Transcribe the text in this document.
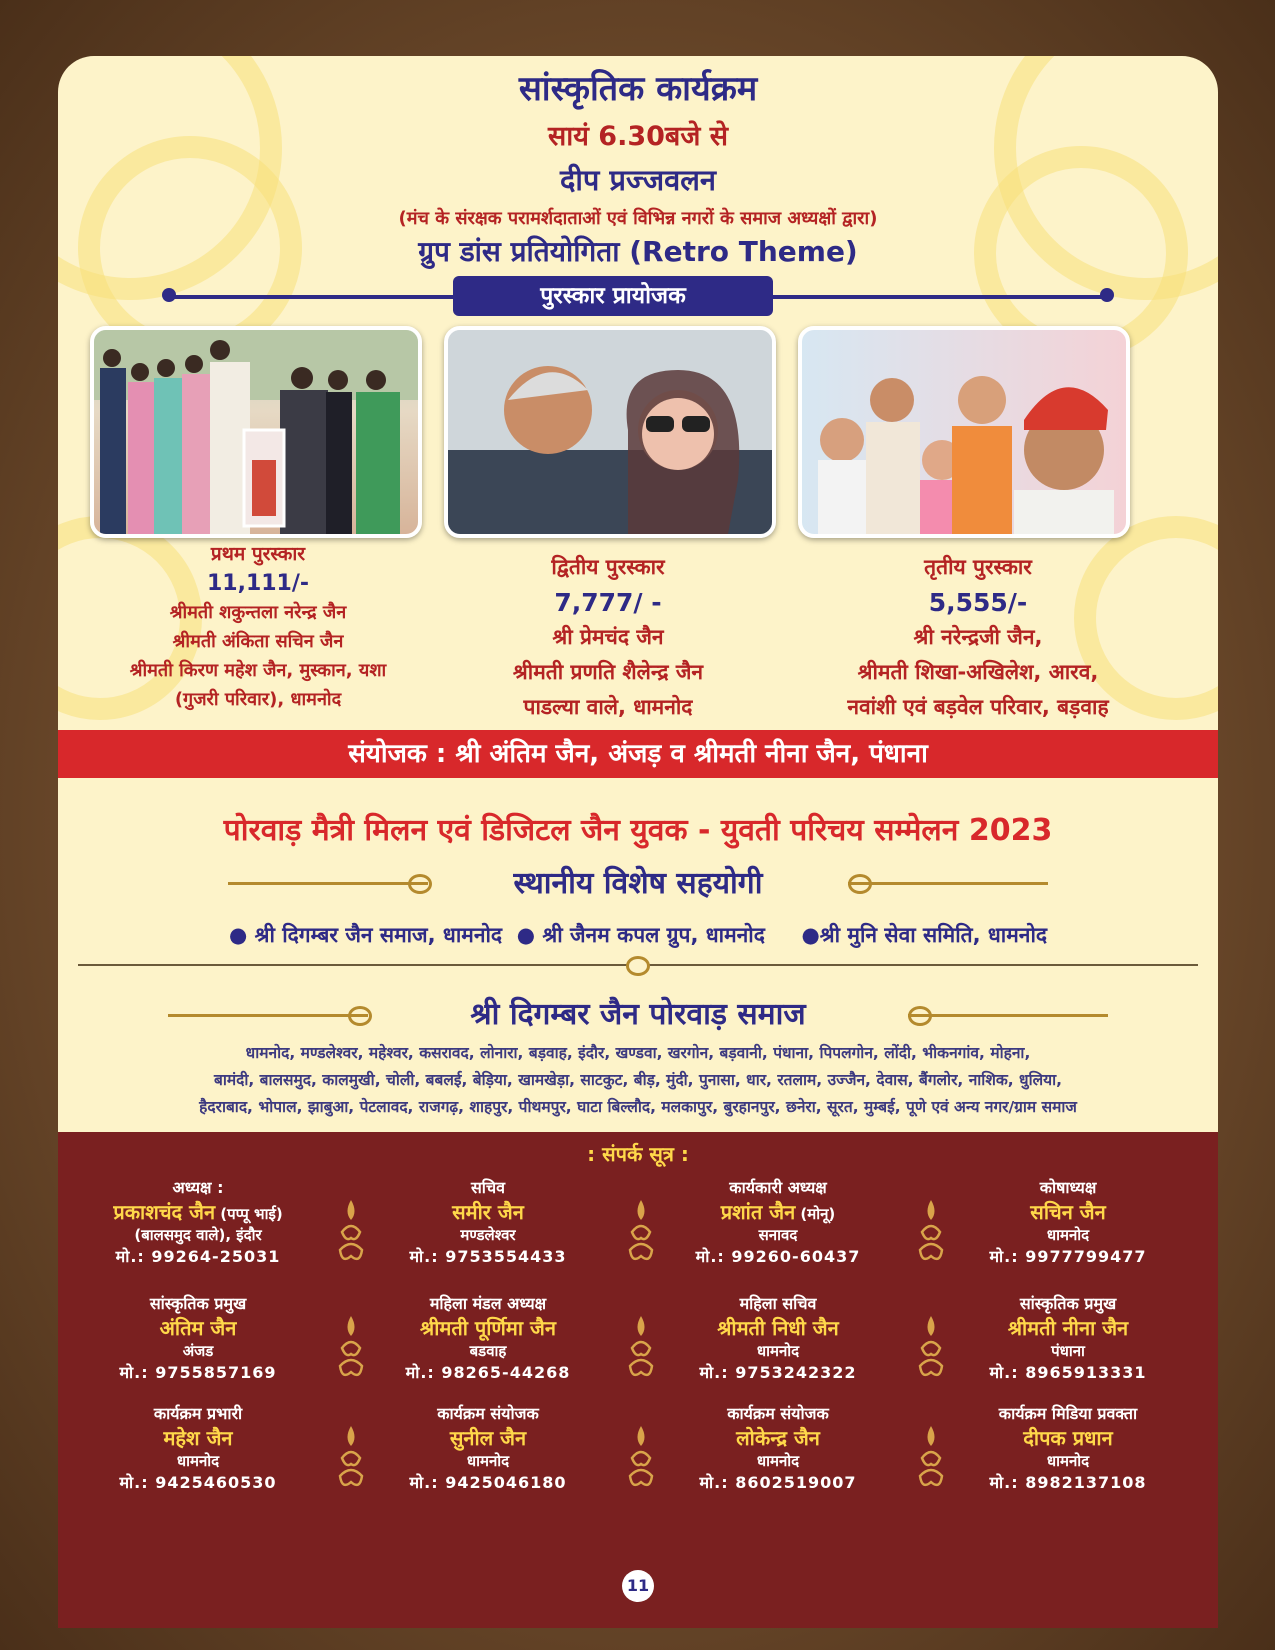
सांस्कृतिक कार्यक्रम
सायं 6.30बजे से
दीप प्रज्जवलन
(मंच के संरक्षक परामर्शदाताओं एवं विभिन्न नगरों के समाज अध्यक्षों द्वारा)
ग्रुप डांस प्रतियोगिता (Retro Theme)
पुरस्कार प्रायोजक
प्रथम पुरस्कार
11,111/-
श्रीमती शकुन्तला नरेन्द्र जैन
श्रीमती अंकिता सचिन जैन
श्रीमती किरण महेश जैन, मुस्कान, यशा
(गुजरी परिवार), धामनोद
द्वितीय पुरस्कार
7,777/ -
श्री प्रेमचंद जैन
श्रीमती प्रणति शैलेन्द्र जैन
पाडल्या वाले, धामनोद
तृतीय पुरस्कार
5,555/-
श्री नरेन्द्रजी जैन,
श्रीमती शिखा-अखिलेश, आरव,
नवांशी एवं बड़वेल परिवार, बड़वाह
संयोजक : श्री अंतिम जैन, अंजड़ व श्रीमती नीना जैन, पंधाना
पोरवाड़ मैत्री मिलन एवं डिजिटल जैन युवक - युवती परिचय सम्मेलन 2023
स्थानीय विशेष सहयोगी
● श्री दिगम्बर जैन समाज, धामनोद ● श्री जैनम कपल ग्रुप, धामनोद ●श्री मुनि सेवा समिति, धामनोद
श्री दिगम्बर जैन पोरवाड़ समाज
धामनोद, मण्डलेश्वर, महेश्वर, कसरावद, लोनारा, बड़वाह, इंदौर, खण्डवा, खरगोन, बड़वानी, पंधाना, पिपलगोन, लोंदी, भीकनगांव, मोहना,
बामंदी, बालसमुद, कालमुखी, चोली, बबलई, बेड़िया, खामखेड़ा, साटकुट, बीड़, मुंदी, पुनासा, धार, रतलाम, उज्जैन, देवास, बैंगलोर, नाशिक, धुलिया,
हैदराबाद, भोपाल, झाबुआ, पेटलावद, राजगढ़, शाहपुर, पीथमपुर, घाटा बिल्लौद, मलकापुर, बुरहानपुर, छनेरा, सूरत, मुम्बई, पूणे एवं अन्य नगर/ग्राम समाज
: संपर्क सूत्र :
अध्यक्ष :
प्रकाशचंद जैन (पप्पू भाई)
(बालसमुद वाले), इंदौर
मो.: 99264-25031
सचिव
समीर जैन
मण्डलेश्वर
मो.: 9753554433
कार्यकारी अध्यक्ष
प्रशांत जैन (मोनू)
सनावद
मो.: 99260-60437
कोषाध्यक्ष
सचिन जैन
धामनोद
मो.: 9977799477
सांस्कृतिक प्रमुख
अंतिम जैन
अंजड
मो.: 9755857169
महिला मंडल अध्यक्ष
श्रीमती पूर्णिमा जैन
बडवाह
मो.: 98265-44268
महिला सचिव
श्रीमती निधी जैन
धामनोद
मो.: 9753242322
सांस्कृतिक प्रमुख
श्रीमती नीना जैन
पंधाना
मो.: 8965913331
कार्यक्रम प्रभारी
महेश जैन
धामनोद
मो.: 9425460530
कार्यक्रम संयोजक
सुनील जैन
धामनोद
मो.: 9425046180
कार्यक्रम संयोजक
लोकेन्द्र जैन
धामनोद
मो.: 8602519007
कार्यक्रम मिडिया प्रवक्ता
दीपक प्रधान
धामनोद
मो.: 8982137108
11
